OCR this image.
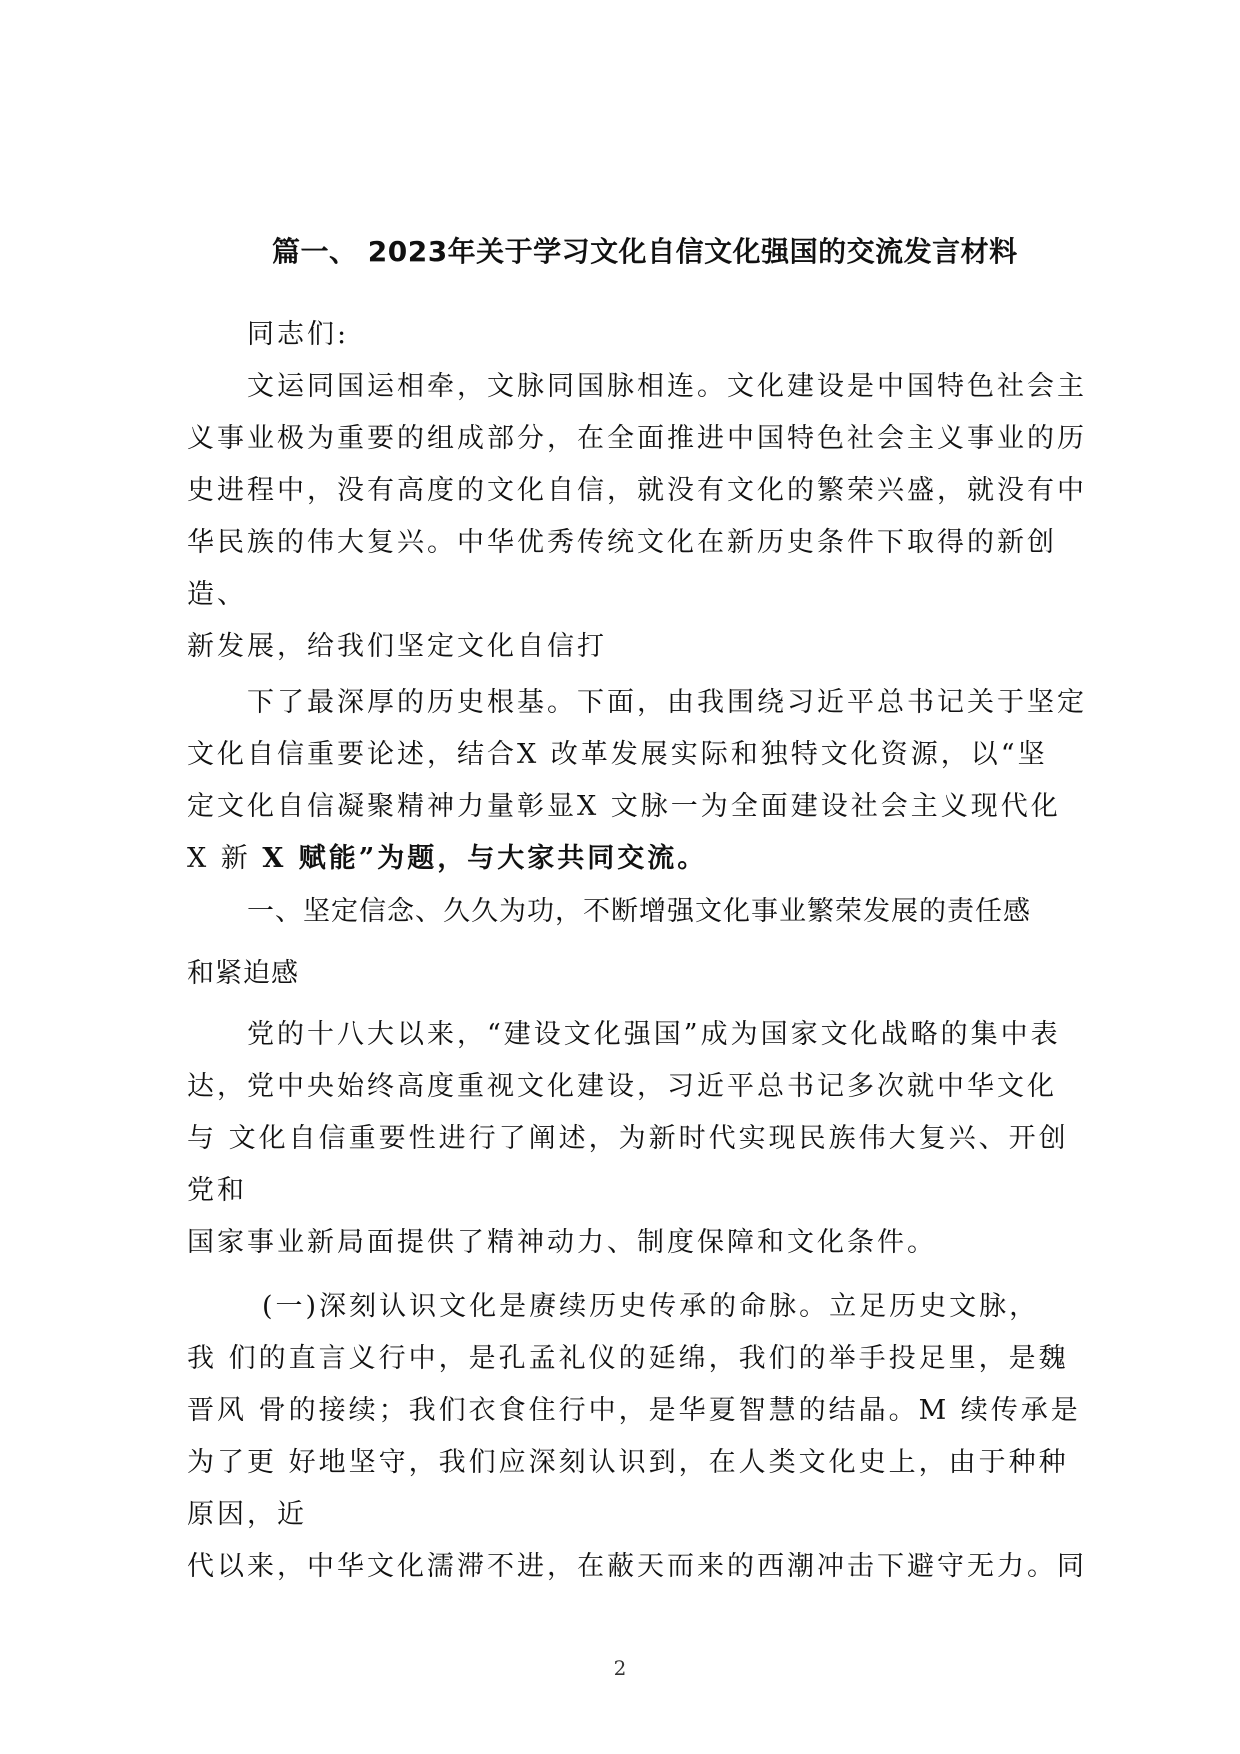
篇一、 2023年关于学习文化自信文化强国的交流发言材料
同志们:
文运同国运相牵，文脉同国脉相连。文化建设是中国特色社会主
义事业极为重要的组成部分，在全面推进中国特色社会主义事业的历
史进程中，没有高度的文化自信，就没有文化的繁荣兴盛，就没有中
华民族的伟大复兴。中华优秀传统文化在新历史条件下取得的新创
造、
新发展，给我们坚定文化自信打
下了最深厚的历史根基。下面，由我围绕习近平总书记关于坚定
文化自信重要论述，结合X 改革发展实际和独特文化资源，以“坚
定文化自信凝聚精神力量彰显X 文脉一为全面建设社会主义现代化
X 新 X 赋能”为题，与大家共同交流。
一、坚定信念、久久为功，不断增强文化事业繁荣发展的责任感
和紧迫感
党的十八大以来，“建设文化强国”成为国家文化战略的集中表
达，党中央始终高度重视文化建设，习近平总书记多次就中华文化
与 文化自信重要性进行了阐述，为新时代实现民族伟大复兴、开创
党和
国家事业新局面提供了精神动力、制度保障和文化条件。
(一)深刻认识文化是赓续历史传承的命脉。立足历史文脉，
我 们的直言义行中，是孔孟礼仪的延绵，我们的举手投足里，是魏
晋风 骨的接续；我们衣食住行中，是华夏智慧的结晶。M 续传承是
为了更 好地坚守，我们应深刻认识到，在人类文化史上，由于种种
原因，近
代以来，中华文化濡滞不进，在蔽天而来的西潮冲击下避守无力。同
2
